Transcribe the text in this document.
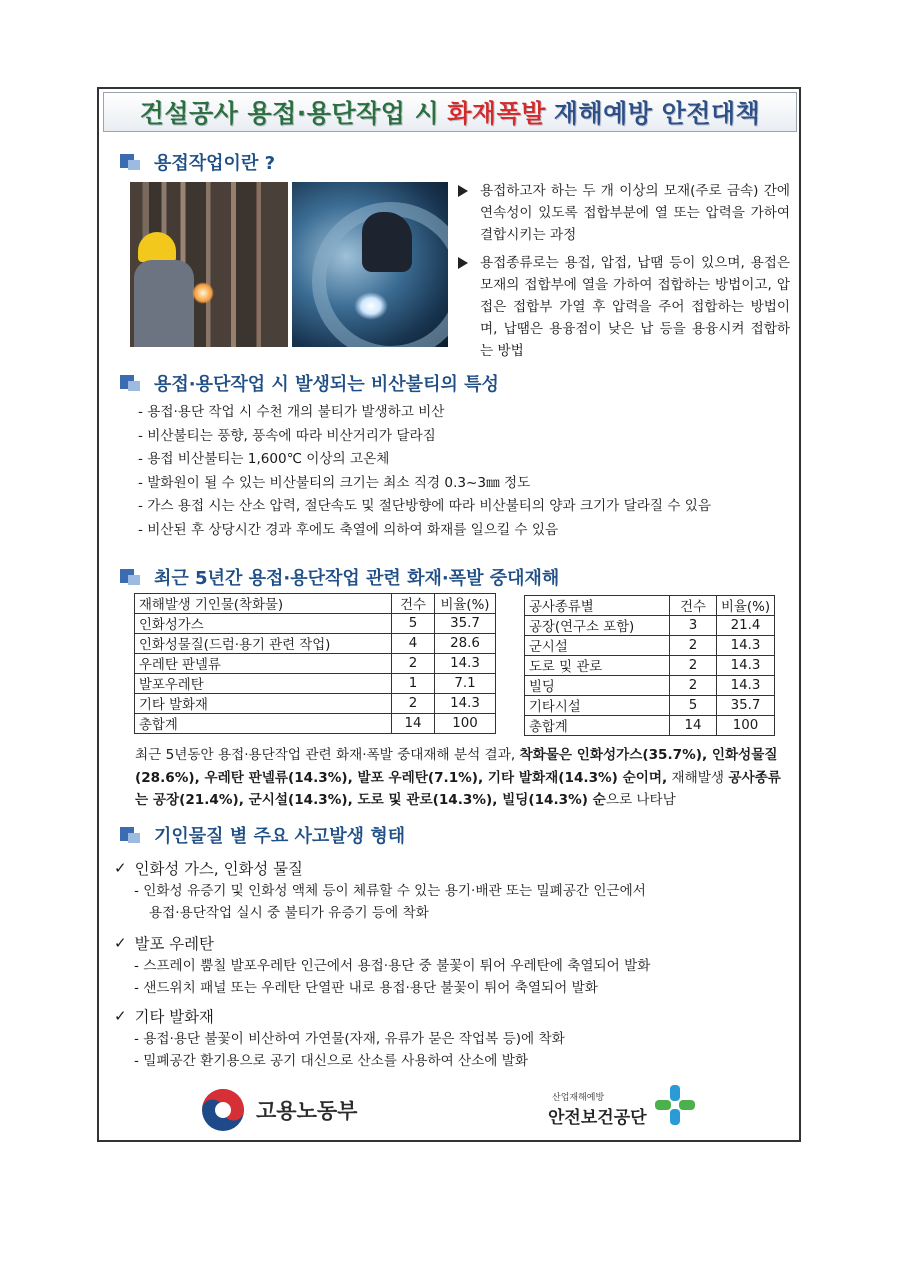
건설공사 용접·용단작업 시 화재폭발 재해예방 안전대책
용접작업이란 ?
용접하고자 하는 두 개 이상의 모재(주로 금속) 간에 연속성이 있도록 접합부분에 열 또는 압력을 가하여 결합시키는 과정
용접종류로는 용접, 압접, 납땜 등이 있으며, 용접은 모재의 접합부에 열을 가하여 접합하는 방법이고, 압접은 접합부 가열 후 압력을 주어 접합하는 방법이며, 납땜은 용융점이 낮은 납 등을 용융시켜 접합하는 방법
용접·용단작업 시 발생되는 비산불티의 특성
- 용접·용단 작업 시 수천 개의 불티가 발생하고 비산
- 비산불티는 풍향, 풍속에 따라 비산거리가 달라짐
- 용접 비산불티는 1,600℃ 이상의 고온체
- 발화원이 될 수 있는 비산불티의 크기는 최소 직경 0.3~3㎜ 정도
- 가스 용접 시는 산소 압력, 절단속도 및 절단방향에 따라 비산불티의 양과 크기가 달라질 수 있음
- 비산된 후 상당시간 경과 후에도 축열에 의하여 화재를 일으킬 수 있음
최근 5년간 용접·용단작업 관련 화재·폭발 중대재해
재해발생 기인물(착화물)	건수	비율(%)
인화성가스	5	35.7
인화성물질(드럼·용기 관련 작업)	4	28.6
우레탄 판넬류	2	14.3
발포우레탄	1	7.1
기타 발화재	2	14.3
총합계	14	100
공사종류별	건수	비율(%)
공장(연구소 포함)	3	21.4
군시설	2	14.3
도로 및 관로	2	14.3
빌딩	2	14.3
기타시설	5	35.7
총합계	14	100
최근 5년동안 용접·용단작업 관련 화재·폭발 중대재해 분석 결과, 착화물은 인화성가스(35.7%), 인화성물질(28.6%), 우레탄 판넬류(14.3%), 발포 우레탄(7.1%), 기타 발화재(14.3%) 순이며, 재해발생 공사종류는 공장(21.4%), 군시설(14.3%), 도로 및 관로(14.3%), 빌딩(14.3%) 순으로 나타남
기인물질 별 주요 사고발생 형태
✓ 인화성 가스, 인화성 물질
- 인화성 유증기 및 인화성 액체 등이 체류할 수 있는 용기·배관 또는 밀폐공간 인근에서
용접·용단작업 실시 중 불티가 유증기 등에 착화
✓ 발포 우레탄
- 스프레이 뿜칠 발포우레탄 인근에서 용접·용단 중 불꽃이 튀어 우레탄에 축열되어 발화
- 샌드위치 패널 또는 우레탄 단열판 내로 용접·용단 불꽃이 튀어 축열되어 발화
✓ 기타 발화재
- 용접·용단 불꽃이 비산하여 가연물(자재, 유류가 묻은 작업복 등)에 착화
- 밀폐공간 환기용으로 공기 대신으로 산소를 사용하여 산소에 발화
고용노동부
산업재해예방
안전보건공단
